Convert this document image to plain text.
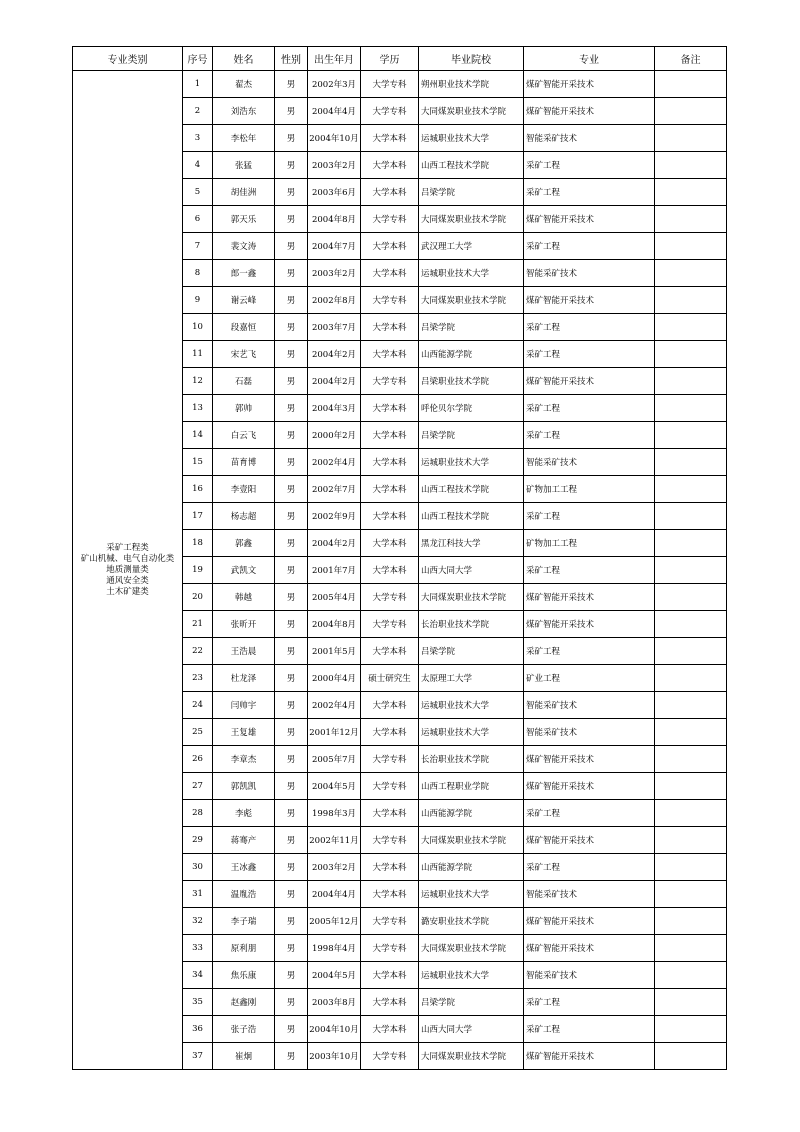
专业类别	序号	姓名	性别	出生年月	学历	毕业院校	专业	备注

采矿工程类
矿山机械、电气自动化类
地质测量类
通风安全类
土木矿建类	1	翟杰	男	2002年3月	大学专科	朔州职业技术学院	煤矿智能开采技术	
	2	刘浩东	男	2004年4月	大学专科	大同煤炭职业技术学院	煤矿智能开采技术	
	3	李松年	男	2004年10月	大学本科	运城职业技术大学	智能采矿技术	
	4	张猛	男	2003年2月	大学本科	山西工程技术学院	采矿工程	
	5	胡佳洲	男	2003年6月	大学本科	吕梁学院	采矿工程	
	6	郭天乐	男	2004年8月	大学专科	大同煤炭职业技术学院	煤矿智能开采技术	
	7	裴文涛	男	2004年7月	大学本科	武汉理工大学	采矿工程	
	8	郎一鑫	男	2003年2月	大学本科	运城职业技术大学	智能采矿技术	
	9	谢云峰	男	2002年8月	大学专科	大同煤炭职业技术学院	煤矿智能开采技术	
	10	段嘉恒	男	2003年7月	大学本科	吕梁学院	采矿工程	
	11	宋艺飞	男	2004年2月	大学本科	山西能源学院	采矿工程	
	12	石磊	男	2004年2月	大学专科	吕梁职业技术学院	煤矿智能开采技术	
	13	郭帅	男	2004年3月	大学本科	呼伦贝尔学院	采矿工程	
	14	白云飞	男	2000年2月	大学本科	吕梁学院	采矿工程	
	15	苗育博	男	2002年4月	大学本科	运城职业技术大学	智能采矿技术	
	16	李壹阳	男	2002年7月	大学本科	山西工程技术学院	矿物加工工程	
	17	杨志超	男	2002年9月	大学本科	山西工程技术学院	采矿工程	
	18	郭鑫	男	2004年2月	大学本科	黑龙江科技大学	矿物加工工程	
	19	武凯文	男	2001年7月	大学本科	山西大同大学	采矿工程	
	20	韩越	男	2005年4月	大学专科	大同煤炭职业技术学院	煤矿智能开采技术	
	21	张昕开	男	2004年8月	大学专科	长治职业技术学院	煤矿智能开采技术	
	22	王浩晨	男	2001年5月	大学本科	吕梁学院	采矿工程	
	23	杜龙泽	男	2000年4月	硕士研究生	太原理工大学	矿业工程	
	24	闫帅宇	男	2002年4月	大学本科	运城职业技术大学	智能采矿技术	
	25	王复雄	男	2001年12月	大学本科	运城职业技术大学	智能采矿技术	
	26	李章杰	男	2005年7月	大学专科	长治职业技术学院	煤矿智能开采技术	
	27	郭凯凯	男	2004年5月	大学专科	山西工程职业学院	煤矿智能开采技术	
	28	李彪	男	1998年3月	大学本科	山西能源学院	采矿工程	
	29	蒋骞产	男	2002年11月	大学专科	大同煤炭职业技术学院	煤矿智能开采技术	
	30	王冰鑫	男	2003年2月	大学本科	山西能源学院	采矿工程	
	31	温胤浩	男	2004年4月	大学本科	运城职业技术大学	智能采矿技术	
	32	李子瑞	男	2005年12月	大学专科	潞安职业技术学院	煤矿智能开采技术	
	33	原利朋	男	1998年4月	大学专科	大同煤炭职业技术学院	煤矿智能开采技术	
	34	焦乐康	男	2004年5月	大学本科	运城职业技术大学	智能采矿技术	
	35	赵鑫刚	男	2003年8月	大学本科	吕梁学院	采矿工程	
	36	张子浩	男	2004年10月	大学本科	山西大同大学	采矿工程	
	37	崔炯	男	2003年10月	大学专科	大同煤炭职业技术学院	煤矿智能开采技术	
